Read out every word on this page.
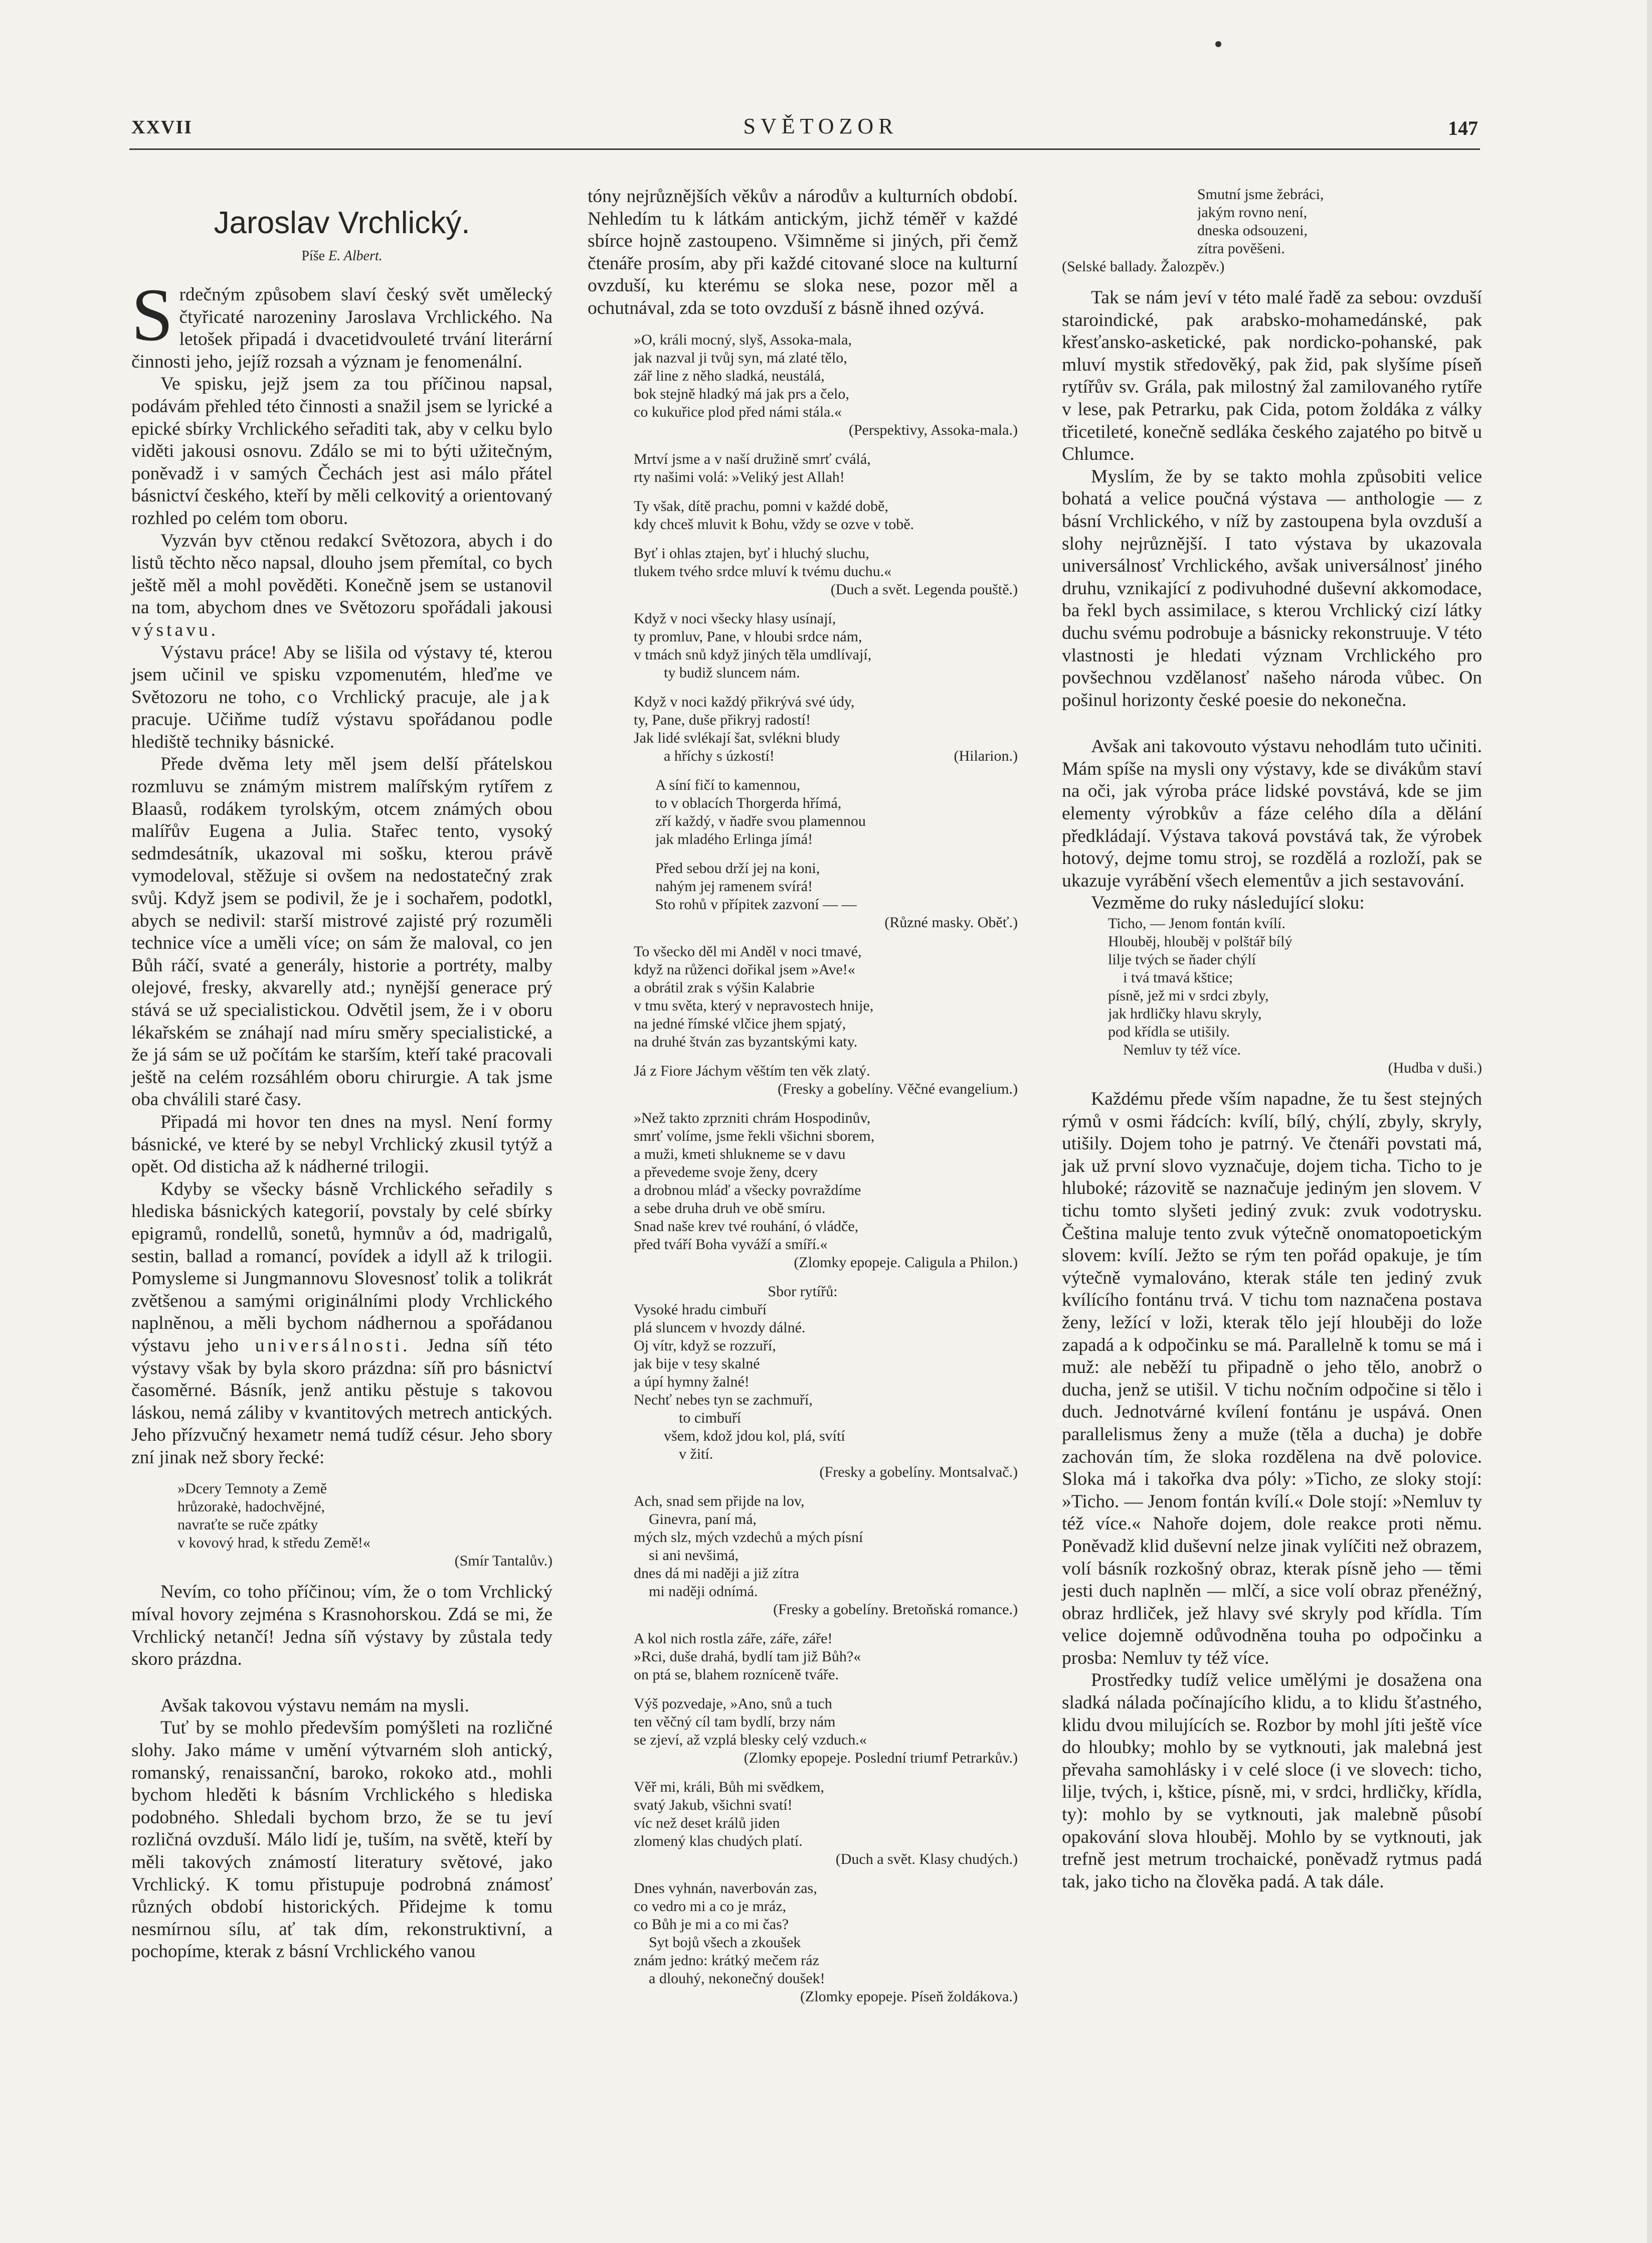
XXVII	SVĚTOZOR	147
Jaroslav Vrchlický.
Píše E. Albert.

Srdečným způsobem slaví český svět umělecký čtyřicaté narozeniny Jaroslava Vrchlického. Na letošek připadá i dvacetidvouleté trvání literární činnosti jeho, jejíž rozsah a význam je fenomenální.

Ve spisku, jejž jsem za tou příčinou napsal, podávám přehled této činnosti a snažil jsem se lyrické a epické sbírky Vrchlického seřaditi tak, aby v celku bylo viděti jakousi osnovu. Zdálo se mi to býti užitečným, poněvadž i v samých Čechách jest asi málo přátel básnictví českého, kteří by měli celkovitý a orientovaný rozhled po celém tom oboru.

Vyzván byv ctěnou redakcí Světozora, abych i do listů těchto něco napsal, dlouho jsem přemítal, co bych ještě měl a mohl pověděti. Konečně jsem se ustanovil na tom, abychom dnes ve Světozoru spořádali jakousi výstavu.

Výstavu práce! Aby se lišila od výstavy té, kterou jsem učinil ve spisku vzpomenutém, hleďme ve Světozoru ne toho, co Vrchlický pracuje, ale jak pracuje. Učiňme tudíž výstavu spořádanou podle hlediště techniky básnické.

Přede dvěma lety měl jsem delší přátelskou rozmluvu se známým mistrem malířským rytířem z Blaasů, rodákem tyrolským, otcem známých obou malířův Eugena a Julia. Stařec tento, vysoký sedmdesátník, ukazoval mi sošku, kterou právě vymodeloval, stěžuje si ovšem na nedostatečný zrak svůj. Když jsem se podivil, že je i sochařem, podotkl, abych se nedivil: starší mistrové zajisté prý rozuměli technice více a uměli více; on sám že maloval, co jen Bůh ráčí, svaté a generály, historie a portréty, malby olejové, fresky, akvarelly atd.; nynější generace prý stává se už specialistickou. Odvětil jsem, že i v oboru lékařském se znáhají nad míru směry specialistické, a že já sám se už počítám ke starším, kteří také pracovali ještě na celém rozsáhlém oboru chirurgie. A tak jsme oba chválili staré časy.

Připadá mi hovor ten dnes na mysl. Není formy básnické, ve které by se nebyl Vrchlický zkusil tytýž a opět. Od disticha až k nádherné trilogii.

Kdyby se všecky básně Vrchlického seřadily s hlediska básnických kategorií, povstaly by celé sbírky epigramů, rondellů, sonetů, hymnův a ód, madrigalů, sestin, ballad a romancí, povídek a idyll až k trilogii. Pomysleme si Jungmannovu Slovesnosť tolik a tolikrát zvětšenou a samými originálními plody Vrchlického naplněnou, a měli bychom nádhernou a spořádanou výstavu jeho universálnosti. Jedna síň této výstavy však by byla skoro prázdna: síň pro básnictví časoměrné. Básník, jenž antiku pěstuje s takovou láskou, nemá záliby v kvantitových metrech antických. Jeho přízvučný hexametr nemá tudíž césur. Jeho sbory zní jinak než sbory řecké:

»Dcery Temnoty a Země
hrůzorakė, hadochvějné,
navraťte se ruče zpátky
v kovový hrad, k středu Země!«
(Smír Tantalův.)

Nevím, co toho příčinou; vím, že o tom Vrchlický míval hovory zejména s Krasnohorskou. Zdá se mi, že Vrchlický netančí! Jedna síň výstavy by zůstala tedy skoro prázdna.

Avšak takovou výstavu nemám na mysli.

Tuť by se mohlo především pomýšleti na rozličné slohy. Jako máme v umění výtvarném sloh antický, romanský, renaissanční, baroko, rokoko atd., mohli bychom hleděti k básním Vrchlického s hlediska podobného. Shledali bychom brzo, že se tu jeví rozličná ovzduší. Málo lidí je, tuším, na světě, kteří by měli takových známostí literatury světové, jako Vrchlický. K tomu přistupuje podrobná známosť různých období historických. Přidejme k tomu nesmírnou sílu, ať tak dím, rekonstruktivní, a pochopíme, kterak z básní Vrchlického vanou

tóny nejrůznějších věkův a národův a kulturních období. Nehledím tu k látkám antickým, jichž téměř v každé sbírce hojně zastoupeno. Všimněme si jiných, při čemž čtenáře prosím, aby při každé citované sloce na kulturní ovzduší, ku kterému se sloka nese, pozor měl a ochutnával, zda se toto ovzduší z básně ihned ozývá.

»O, králi mocný, slyš, Assoka-mala,
jak nazval ji tvůj syn, má zlaté tělo,
zář line z něho sladká, neustálá,
bok stejně hladký má jak prs a čelo,
co kukuřice plod před námi stála.«
(Perspektivy, Assoka-mala.)
Mrtví jsme a v naší družině smrť cválá,
rty našimi volá: »Veliký jest Allah!
Ty však, dítě prachu, pomni v každé době,
kdy chceš mluvit k Bohu, vždy se ozve v tobě.
Byť i ohlas ztajen, byť i hluchý sluchu,
tlukem tvého srdce mluví k tvému duchu.«
(Duch a svět. Legenda pouště.)
Když v noci všecky hlasy usínají,
ty promluv, Pane, v hloubi srdce nám,
v tmách snů když jiných těla umdlívají,
ty budiž sluncem nám.
Když v noci každý přikrývá své údy,
ty, Pane, duše přikryj radostí!
Jak lidé svlékají šat, svlékni bludy
a hříchy s úzkostí!	(Hilarion.)
A síní fičí to kamennou,
to v oblacích Thorgerda hřímá,
zří každý, v ňadře svou plamennou
jak mladého Erlinga jímá!
Před sebou drží jej na koni,
nahým jej ramenem svírá!
Sto rohů v přípitek zazvoní — —
(Různé masky. Oběť.)
To všecko děl mi Anděl v noci tmavé,
když na růženci dořikal jsem »Ave!«
a obrátil zrak s výšin Kalabrie
v tmu světa, který v nepravostech hnije,
na jedné římské vlčice jhem spjatý,
na druhé štván zas byzantskými katy.
Já z Fiore Jáchym věštím ten věk zlatý.
(Fresky a gobelíny. Věčné evangelium.)
»Než takto zprzniti chrám Hospodinův,
smrť volíme, jsme řekli všichni sborem,
a muži, kmeti shlukneme se v davu
a převedeme svoje ženy, dcery
a drobnou mláď a všecky povraždíme
a sebe druha druh ve obě smíru.
Snad naše krev tvé rouhání, ó vládče,
před tváří Boha vyváží a smíří.«
(Zlomky epopeje. Caligula a Philon.)
Sbor rytířů:
Vysoké hradu cimbuří
plá sluncem v hvozdy dálné.
Oj vítr, když se rozzuří,
jak bije v tesy skalné
a úpí hymny žalné!
Nechť nebes tyn se zachmuří,
to cimbuří
všem, kdož jdou kol, plá, svítí
v žití.
(Fresky a gobelíny. Montsalvač.)
Ach, snad sem přijde na lov,
Ginevra, paní má,
mých slz, mých vzdechů a mých písní
si ani nevšimá,
dnes dá mi naději a již zítra
mi naději odnímá.
(Fresky a gobelíny. Bretoňská romance.)
A kol nich rostla záře, záře, záře!
»Rci, duše drahá, bydlí tam již Bůh?«
on ptá se, blahem rozníceně tváře.
Výš pozvedaje, »Ano, snů a tuch
ten věčný cíl tam bydlí, brzy nám
se zjeví, až vzplá blesky celý vzduch.«
(Zlomky epopeje. Poslední triumf Petrarkův.)
Věř mi, králi, Bůh mi svědkem,
svatý Jakub, všichni svatí!
víc než deset králů jiden
zlomený klas chudých platí.
(Duch a svět. Klasy chudých.)
Dnes vyhnán, naverbován zas,
co vedro mi a co je mráz,
co Bůh je mi a co mi čas?
Syt bojů všech a zkoušek
znám jedno: krátký mečem ráz
a dlouhý, nekonečný doušek!
(Zlomky epopeje. Píseň žoldákova.)
Smutní jsme žebráci,
jakým rovno není,
dneska odsouzeni,
zítra pověšeni.
(Selské ballady. Žalozpěv.)

Tak se nám jeví v této malé řadě za sebou: ovzduší staroindické, pak arabsko-mohamedánské, pak křesťansko-asketické, pak nordicko-pohanské, pak mluví mystik středověký, pak žid, pak slyšíme píseň rytířův sv. Grála, pak milostný žal zamilovaného rytíře v lese, pak Petrarku, pak Cida, potom žoldáka z války třicetileté, konečně sedláka českého zajatého po bitvě u Chlumce.

Myslím, že by se takto mohla způsobiti velice bohatá a velice poučná výstava — anthologie — z básní Vrchlického, v níž by zastoupena byla ovzduší a slohy nejrůznější. I tato výstava by ukazovala universálnosť Vrchlického, avšak universálnosť jiného druhu, vznikající z podivuhodné duševní akkomodace, ba řekl bych assimilace, s kterou Vrchlický cizí látky duchu svému podrobuje a básnicky rekonstruuje. V této vlastnosti je hledati význam Vrchlického pro povšechnou vzdělanosť našeho národa vůbec. On pošinul horizonty české poesie do nekonečna.

Avšak ani takovouto výstavu nehodlám tuto učiniti. Mám spíše na mysli ony výstavy, kde se divákům staví na oči, jak výroba práce lidské povstává, kde se jim elementy výrobkův a fáze celého díla a dělání předkládají. Výstava taková povstává tak, že výrobek hotový, dejme tomu stroj, se rozdělá a rozloží, pak se ukazuje vyrábění všech elementův a jich sestavování.

Vezměme do ruky následující sloku:

Ticho, — Jenom fontán kvílí.
Hlouběj, hlouběj v polštář bílý
lilje tvých se ňader chýlí
i tvá tmavá kštice;
písně, jež mi v srdci zbyly,
jak hrdličky hlavu skryly,
pod křídla se utišily.
Nemluv ty též více.
(Hudba v duši.)

Každému přede vším napadne, že tu šest stejných rýmů v osmi řádcích: kvílí, bílý, chýlí, zbyly, skryly, utišily. Dojem toho je patrný. Ve čtenáři povstati má, jak už první slovo vyznačuje, dojem ticha. Ticho to je hluboké; rázovitě se naznačuje jediným jen slovem. V tichu tomto slyšeti jediný zvuk: zvuk vodotrysku. Čeština maluje tento zvuk výtečně onomatopoetickým slovem: kvílí. Ježto se rým ten pořád opakuje, je tím výtečně vymalováno, kterak stále ten jediný zvuk kvílícího fontánu trvá. V tichu tom naznačena postava ženy, ležící v loži, kterak tělo její hlouběji do lože zapadá a k odpočinku se má. Parallelně k tomu se má i muž: ale neběží tu připadně o jeho tělo, anobrž o ducha, jenž se utišil. V tichu nočním odpočine si tělo i duch. Jednotvárné kvílení fontánu je uspává. Onen parallelismus ženy a muže (těla a ducha) je dobře zachován tím, že sloka rozdělena na dvě polovice. Sloka má i takořka dva póly: »Ticho, ze sloky stojí: »Ticho. — Jenom fontán kvílí.« Dole stojí: »Nemluv ty též více.« Nahoře dojem, dole reakce proti němu. Poněvadž klid duševní nelze jinak vylíčiti než obrazem, volí básník rozkošný obraz, kterak písně jeho — těmi jesti duch naplněn — mlčí, a sice volí obraz přenéžný, obraz hrdliček, jež hlavy své skryly pod křídla. Tím velice dojemně odůvodněna touha po odpočinku a prosba: Nemluv ty též více.

Prostředky tudíž velice umělými je dosažena ona sladká nálada počínajícího klidu, a to klidu šťastného, klidu dvou milujících se. Rozbor by mohl jíti ještě více do hloubky; mohlo by se vytknouti, jak malebná jest převaha samohlásky i v celé sloce (i ve slovech: ticho, lilje, tvých, i, kštice, písně, mi, v srdci, hrdličky, křídla, ty): mohlo by se vytknouti, jak malebně působí opakování slova hlouběj. Mohlo by se vytknouti, jak trefně jest metrum trochaické, poněvadž rytmus padá tak, jako ticho na člověka padá. A tak dále.
